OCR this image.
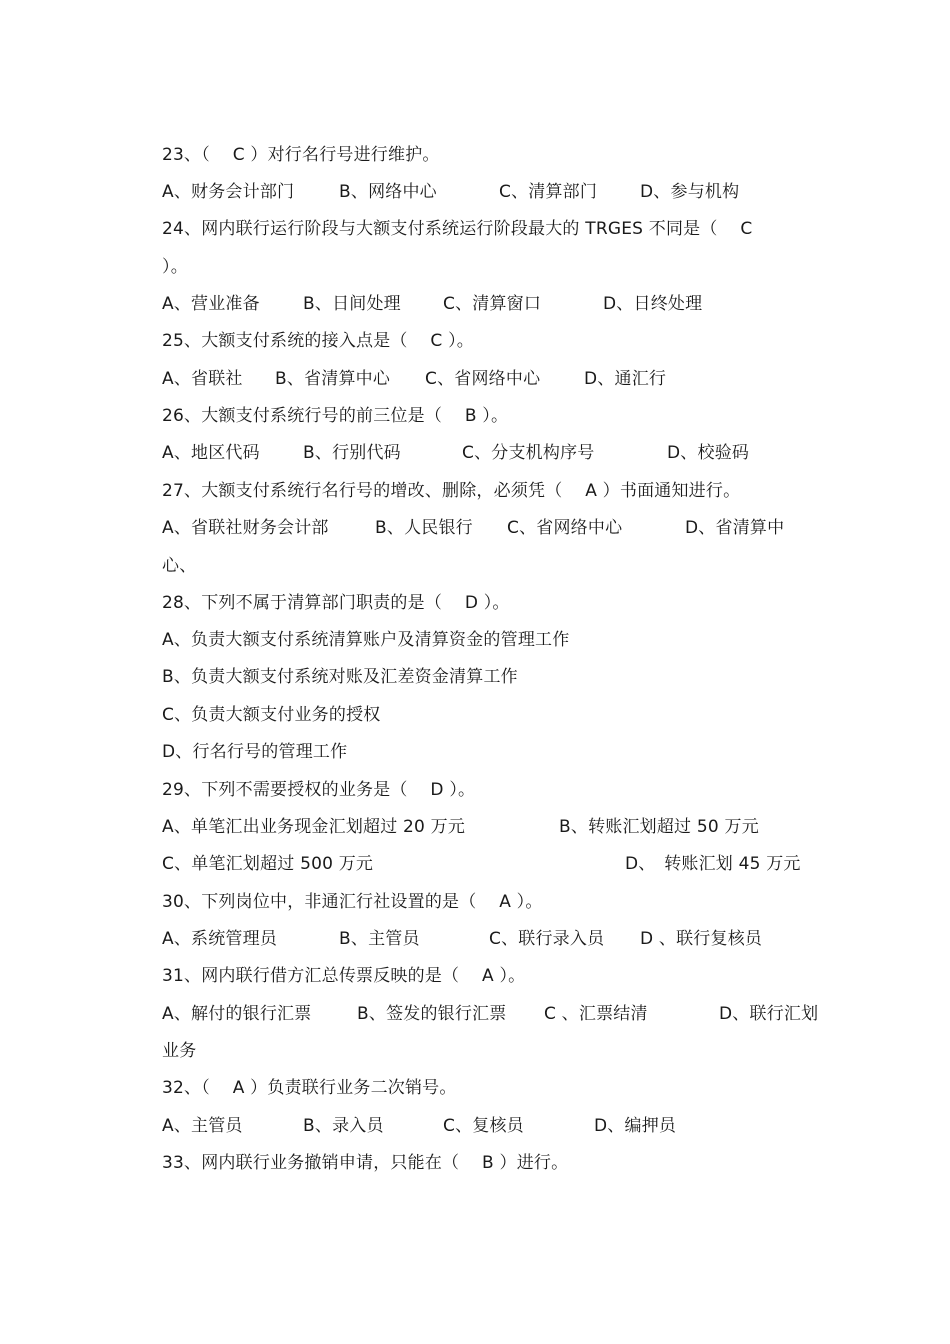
23、（　 C ）对行名行号进行维护。
A、财务会计部门	B、网络中心	C、清算部门	D、参与机构
24、网内联行运行阶段与大额支付系统运行阶段最大的 TRGES 不同是（　 C
）。
A、营业准备	B、日间处理 C、清算窗口	D、日终处理
25、大额支付系统的接入点是（　 C ）。
A、省联社 B、省清算中心 C、省网络中心	D、通汇行
26、大额支付系统行号的前三位是（　 B ）。
A、地区代码	B、行别代码	C、分支机构序号	D、校验码
27、大额支付系统行名行号的增改、删除，必须凭（　 A ）书面通知进行。
A、省联社财务会计部	B、人民银行 C、省网络中心	D、省清算中
心、
28、下列不属于清算部门职责的是（　 D ）。
A、负责大额支付系统清算账户及清算资金的管理工作
B、负责大额支付系统对账及汇差资金清算工作
C、负责大额支付业务的授权
D、行名行号的管理工作
29、下列不需要授权的业务是（　 D ）。
A、单笔汇出业务现金汇划超过 20 万元	B、转账汇划超过 50 万元
C、单笔汇划超过 500 万元	D、　转账汇划 45 万元
30、下列岗位中，非通汇行社设置的是（　 A ）。
A、系统管理员	B、主管员	C、联行录入员 D 、联行复核员
31、网内联行借方汇总传票反映的是（　 A ）。
A、解付的银行汇票	B、签发的银行汇票 C 、汇票结清	D、联行汇划
业务
32、（　 A ）负责联行业务二次销号。
A、主管员	B、录入员	C、复核员	D、编押员
33、网内联行业务撤销申请，只能在（　 B ）进行。
